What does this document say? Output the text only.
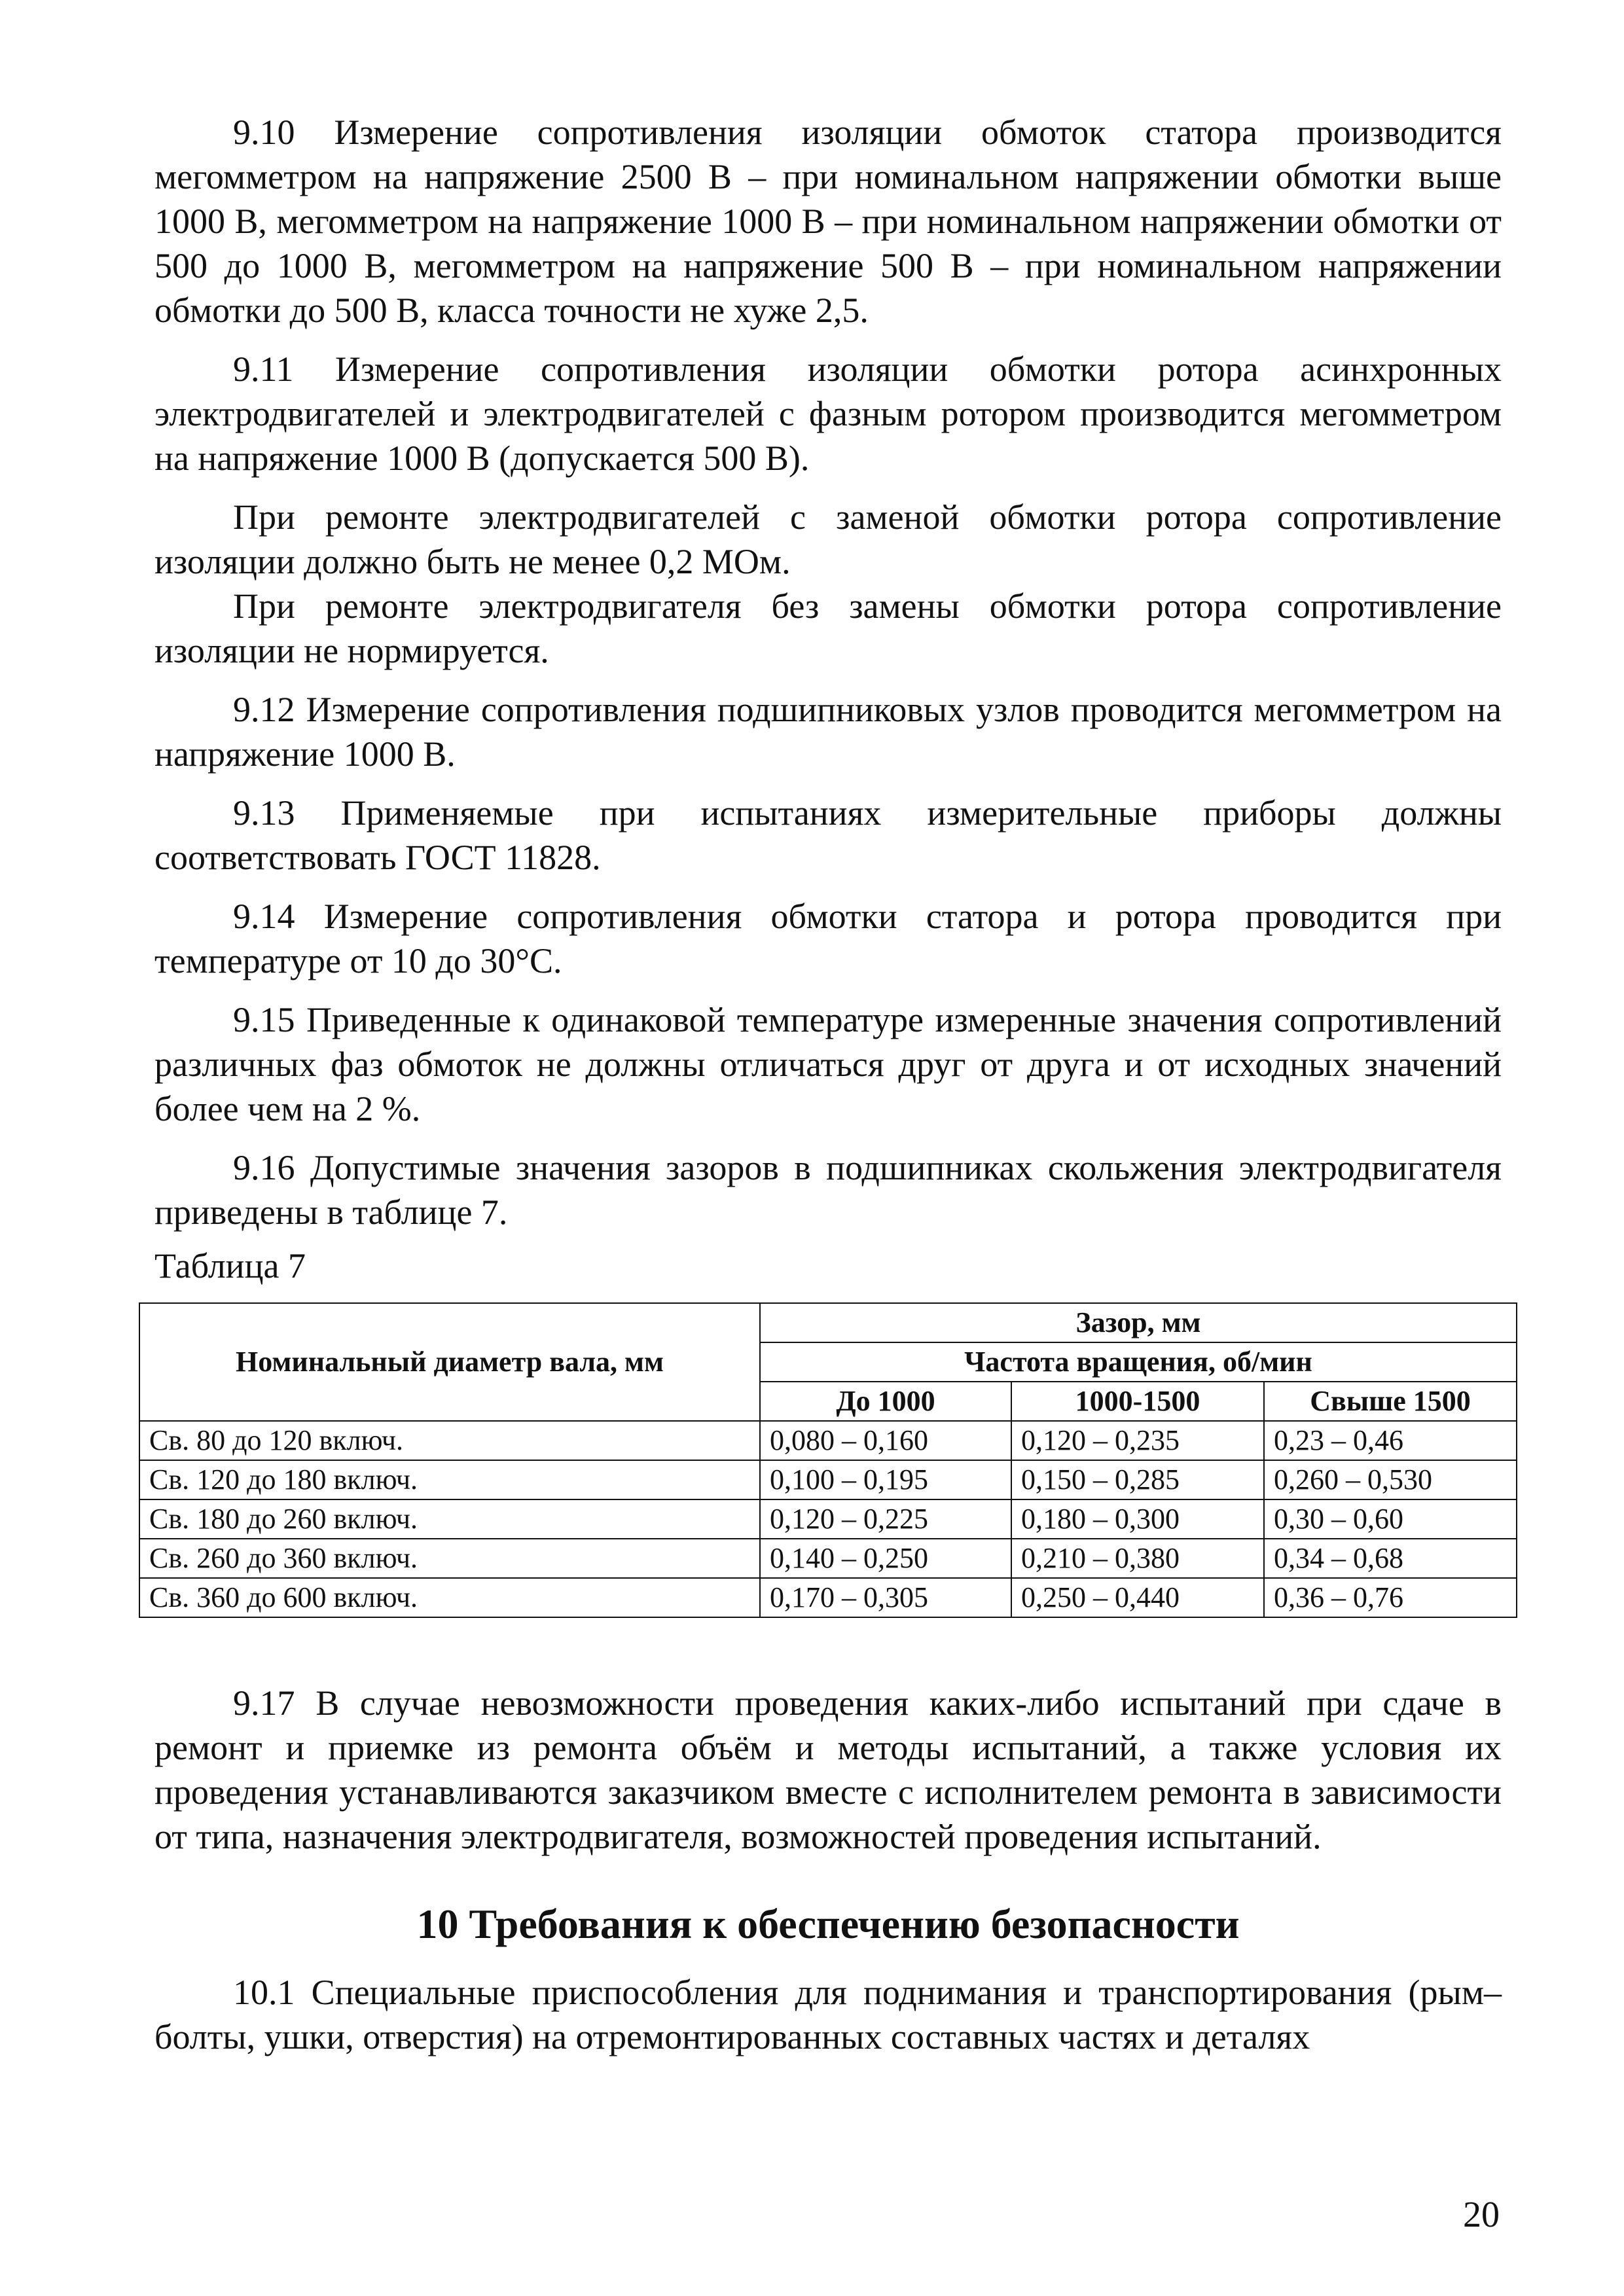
9.10 Измерение сопротивления изоляции обмоток статора производится мегомметром на напряжение 2500 В – при номинальном напряжении обмотки выше 1000 В, мегомметром на напряжение 1000 В – при номинальном напряжении обмотки от 500 до 1000 В, мегомметром на напряжение 500 В – при номинальном напряжении обмотки до 500 В, класса точности не хуже 2,5.

9.11 Измерение сопротивления изоляции обмотки ротора асинхронных электродвигателей и электродвигателей с фазным ротором производится мегомметром на напряжение 1000 В (допускается 500 В).

При ремонте электродвигателей с заменой обмотки ротора сопротивление изоляции должно быть не менее 0,2 МОм.

При ремонте электродвигателя без замены обмотки ротора сопротивление изоляции не нормируется.

9.12 Измерение сопротивления подшипниковых узлов проводится мегомметром на напряжение 1000 В.

9.13 Применяемые при испытаниях измерительные приборы должны соответствовать ГОСТ 11828.

9.14 Измерение сопротивления обмотки статора и ротора проводится при температуре от 10 до 30°С.

9.15 Приведенные к одинаковой температуре измеренные значения сопротивлений различных фаз обмоток не должны отличаться друг от друга и от исходных значений более чем на 2 %.

9.16 Допустимые значения зазоров в подшипниках скольжения электродвигателя приведены в таблице 7.

Таблица 7

Номинальный диаметр вала, мм	Зазор, мм		
	Частота вращения, об/мин		
	До 1000	1000-1500	Свыше 1500
Св. 80 до 120 включ.	0,080 – 0,160	0,120 – 0,235	0,23 – 0,46
Св. 120 до 180 включ.	0,100 – 0,195	0,150 – 0,285	0,260 – 0,530
Св. 180 до 260 включ.	0,120 – 0,225	0,180 – 0,300	0,30 – 0,60
Св. 260 до 360 включ.	0,140 – 0,250	0,210 – 0,380	0,34 – 0,68
Св. 360 до 600 включ.	0,170 – 0,305	0,250 – 0,440	0,36 – 0,76

9.17 В случае невозможности проведения каких-либо испытаний при сдаче в ремонт и приемке из ремонта объём и методы испытаний, а также условия их проведения устанавливаются заказчиком вместе с исполнителем ремонта в зависимости от типа, назначения электродвигателя, возможностей проведения испытаний.

10 Требования к обеспечению безопасности

10.1 Специальные приспособления для поднимания и транспортирования (рым–болты, ушки, отверстия) на отремонтированных составных частях и деталях

20
